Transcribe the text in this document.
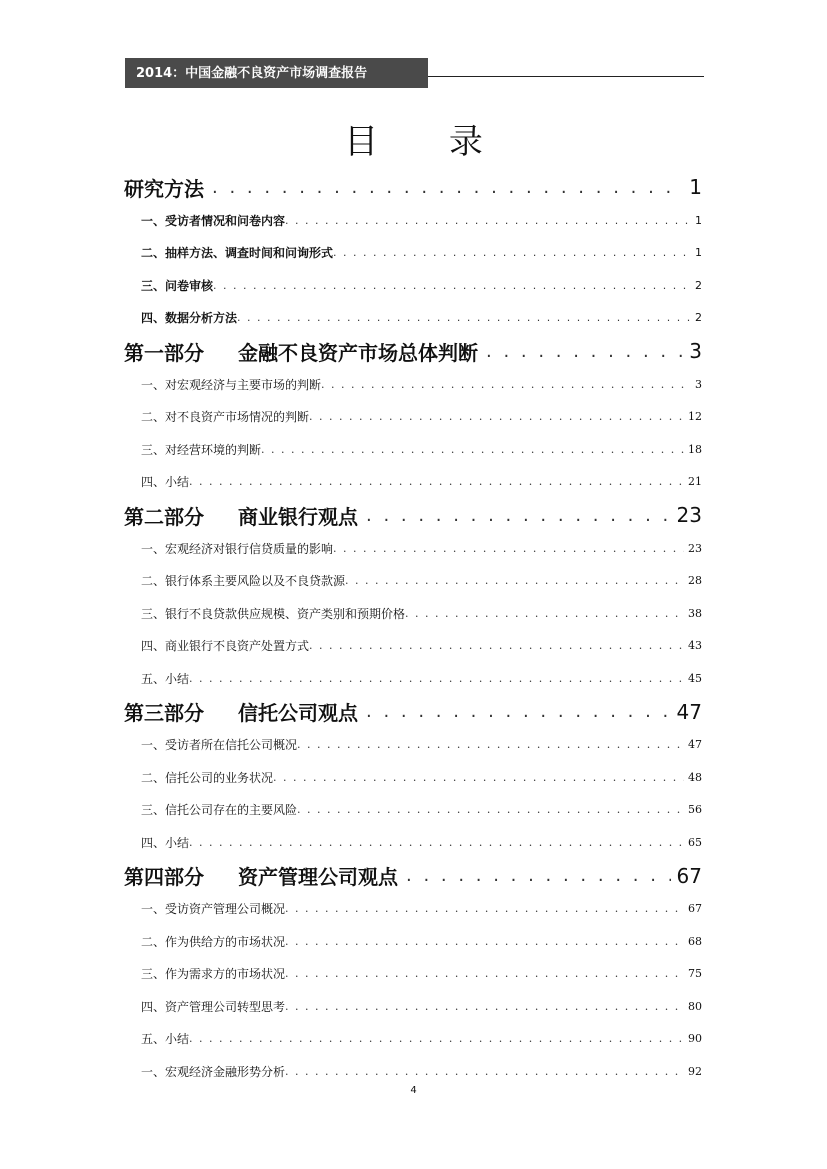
2014：中国金融不良资产市场调查报告
目 录
研究方法 . . .	1
一、受访者情况和问卷内容 . . .	1
二、抽样方法、调查时间和问询形式 . . .	1
三、问卷审核 . . .	2
四、数据分析方法 . . .	2
第一部分 金融不良资产市场总体判断 . . .	3
一、对宏观经济与主要市场的判断 . . .	3
二、对不良资产市场情况的判断 . . .	12
三、对经营环境的判断 . . .	18
四、小结 . . .	21
第二部分 商业银行观点 . . .	23
一、宏观经济对银行信贷质量的影响 . . .	23
二、银行体系主要风险以及不良贷款源 . . .	28
三、银行不良贷款供应规模、资产类别和预期价格 . . .	38
四、商业银行不良资产处置方式 . . .	43
五、小结 . . .	45
第三部分 信托公司观点 . . .	47
一、受访者所在信托公司概况 . . .	47
二、信托公司的业务状况 . . .	48
三、信托公司存在的主要风险 . . .	56
四、小结 . . .	65
第四部分 资产管理公司观点 . . .	67
一、受访资产管理公司概况 . . .	67
二、作为供给方的市场状况 . . .	68
三、作为需求方的市场状况 . . .	75
四、资产管理公司转型思考 . . .	80
五、小结 . . .	90
一、宏观经济金融形势分析 . . .	92
4
